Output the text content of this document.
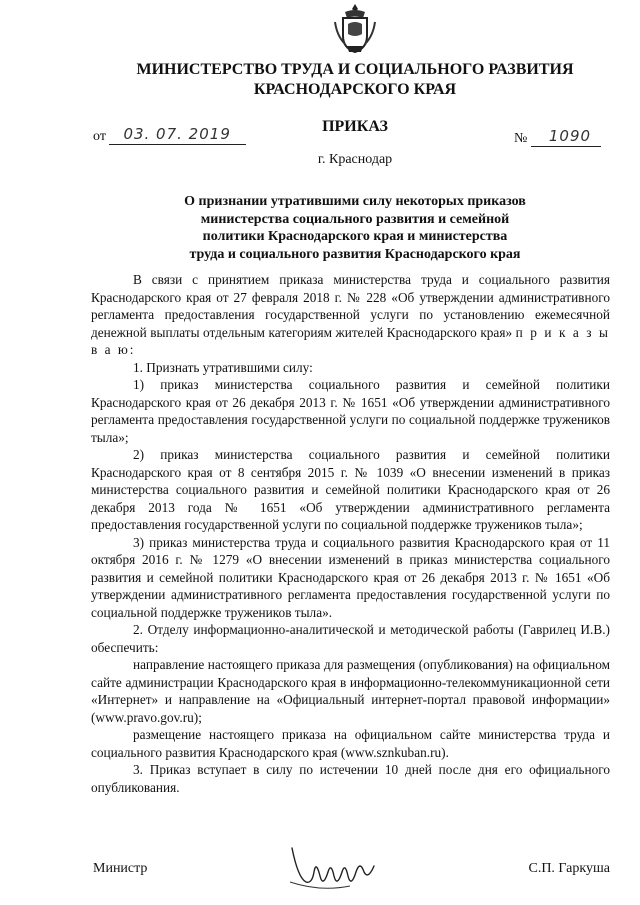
МИНИСТЕРСТВО ТРУДА И СОЦИАЛЬНОГО РАЗВИТИЯ
КРАСНОДАРСКОГО КРАЯ
ПРИКАЗ
от 03. 07. 2019	№ 1090
г. Краснодар
О признании утратившими силу некоторых приказов
министерства социального развития и семейной
политики Краснодарского края и министерства
труда и социального развития Краснодарского края

В связи с принятием приказа министерства труда и социального развития Краснодарского края от 27 февраля 2018 г. № 228 «Об утверждении административного регламента предоставления государственной услуги по установлению ежемесячной денежной выплаты отдельным категориям жителей Краснодарского края» п р и к а з ы в а ю:

1. Признать утратившими силу:

1) приказ министерства социального развития и семейной политики Краснодарского края от 26 декабря 2013 г. № 1651 «Об утверждении административного регламента предоставления государственной услуги по социальной поддержке тружеников тыла»;

2) приказ министерства социального развития и семейной политики Краснодарского края от 8 сентября 2015 г. № 1039 «О внесении изменений в приказ министерства социального развития и семейной политики Краснодарского края от 26 декабря 2013 года № 1651 «Об утверждении административного регламента предоставления государственной услуги по социальной поддержке тружеников тыла»;

3) приказ министерства труда и социального развития Краснодарского края от 11 октября 2016 г. № 1279 «О внесении изменений в приказ министерства социального развития и семейной политики Краснодарского края от 26 декабря 2013 г. № 1651 «Об утверждении административного регламента предоставления государственной услуги по социальной поддержке тружеников тыла».

2. Отделу информационно-аналитической и методической работы (Гаврилец И.В.) обеспечить:

направление настоящего приказа для размещения (опубликования) на официальном сайте администрации Краснодарского края в информационно-телекоммуникационной сети «Интернет» и направление на «Официальный интернет-портал правовой информации» (www.pravo.gov.ru);

размещение настоящего приказа на официальном сайте министерства труда и социального развития Краснодарского края (www.sznkuban.ru).

3. Приказ вступает в силу по истечении 10 дней после дня его официального опубликования.

Министр	С.П. Гаркуша
